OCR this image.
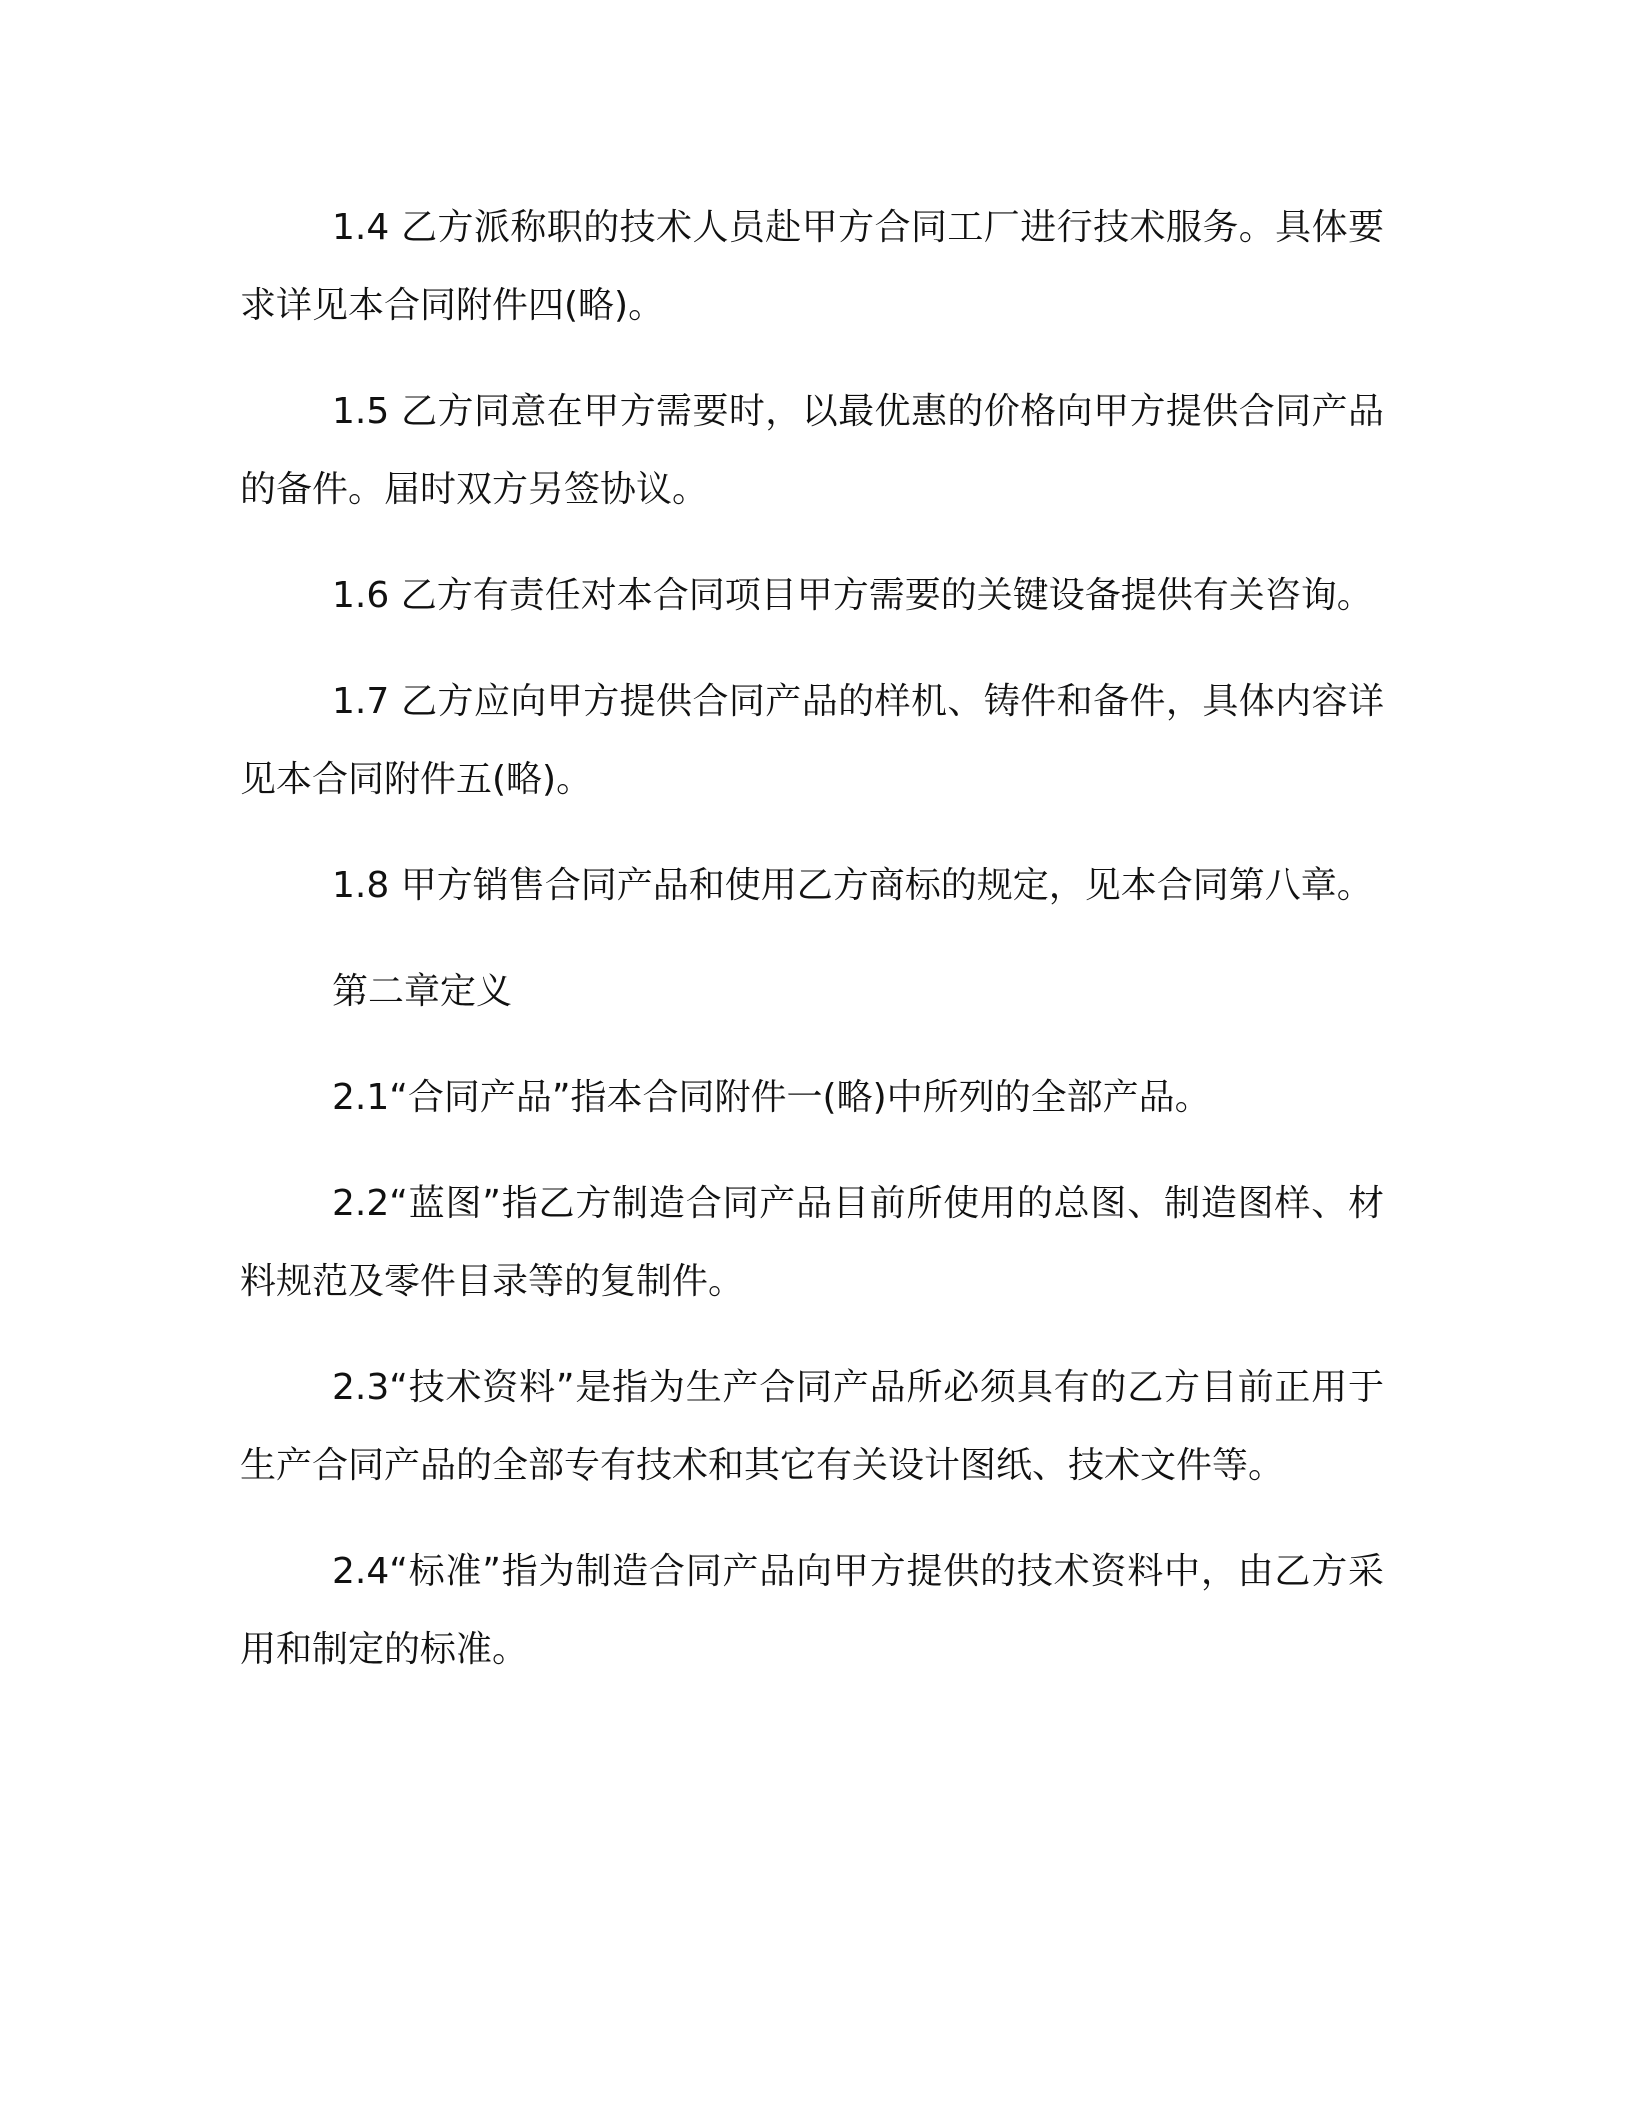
1.4 乙方派称职的技术人员赴甲方合同工厂进行技术服务。具体要求详见本合同附件四(略)。

1.5 乙方同意在甲方需要时，以最优惠的价格向甲方提供合同产品的备件。届时双方另签协议。

1.6 乙方有责任对本合同项目甲方需要的关键设备提供有关咨询。

1.7 乙方应向甲方提供合同产品的样机、铸件和备件，具体内容详见本合同附件五(略)。

1.8 甲方销售合同产品和使用乙方商标的规定，见本合同第八章。

第二章定义

2.1“合同产品”指本合同附件一(略)中所列的全部产品。

2.2“蓝图”指乙方制造合同产品目前所使用的总图、制造图样、材料规范及零件目录等的复制件。

2.3“技术资料”是指为生产合同产品所必须具有的乙方目前正用于生产合同产品的全部专有技术和其它有关设计图纸、技术文件等。

2.4“标准”指为制造合同产品向甲方提供的技术资料中，由乙方采用和制定的标准。
